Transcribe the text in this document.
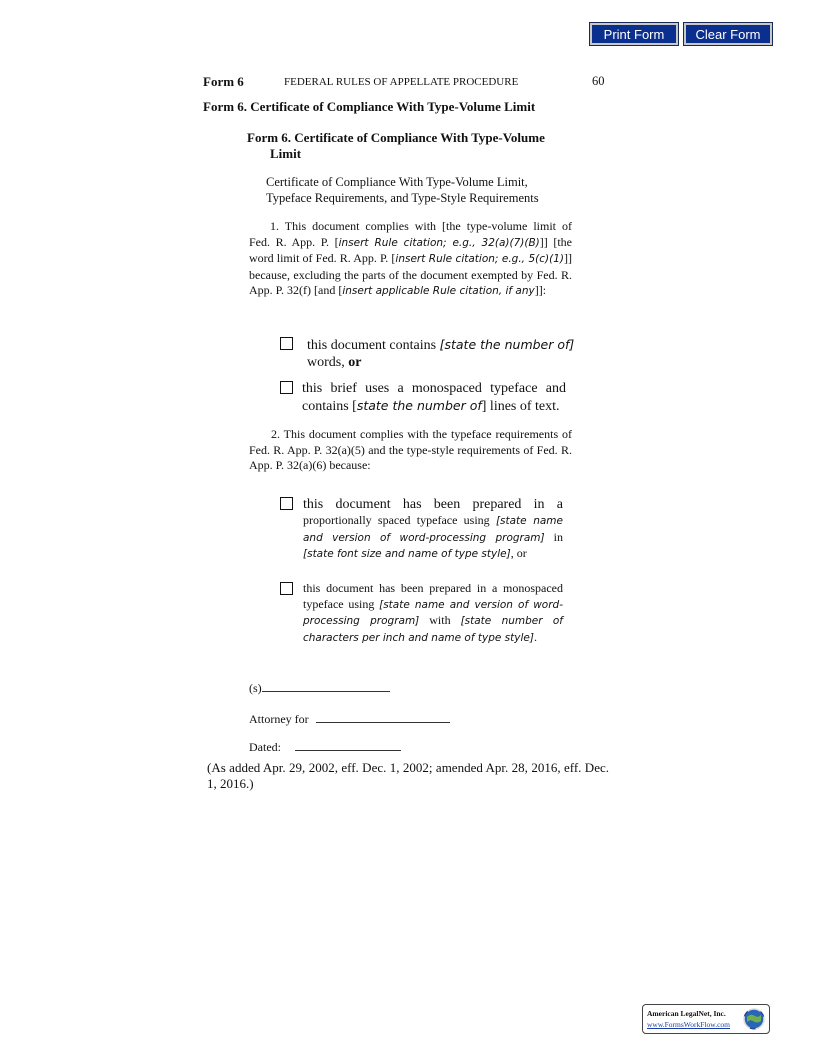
Print Form	Clear Form
Form 6	FEDERAL RULES OF APPELLATE PROCEDURE	60
Form 6. Certificate of Compliance With Type-Volume Limit
Form 6. Certificate of Compliance With Type-Volume
Limit
Certificate of Compliance With Type-Volume Limit,
Typeface Requirements, and Type-Style Requirements

1. This document complies with [the type-volume limit of Fed. R. App. P. [insert Rule citation; e.g., 32(a)(7)(B)]] [the word limit of Fed. R. App. P. [insert Rule citation; e.g., 5(c)(1)]] because, excluding the parts of the document exempted by Fed. R. App. P. 32(f) [and [insert applicable Rule citation, if any]]:

this document contains [state the number of]
words, or

this brief uses a monospaced typeface and contains [state the number of] lines of text.

2. This document complies with the typeface requirements of Fed. R. App. P. 32(a)(5) and the type-style requirements of Fed. R. App. P. 32(a)(6) because:

this document has been prepared in a

proportionally spaced typeface using [state name and version of word-processing program] in [state font size and name of type style], or

this document has been prepared in a monospaced typeface using [state name and version of word-processing program] with [state number of characters per inch and name of type style].

(s)
Attorney for
Dated:

(As added Apr. 29, 2002, eff. Dec. 1, 2002; amended Apr. 28, 2016, eff. Dec. 1, 2016.)

American LegalNet, Inc.
www.FormsWorkFlow.com
